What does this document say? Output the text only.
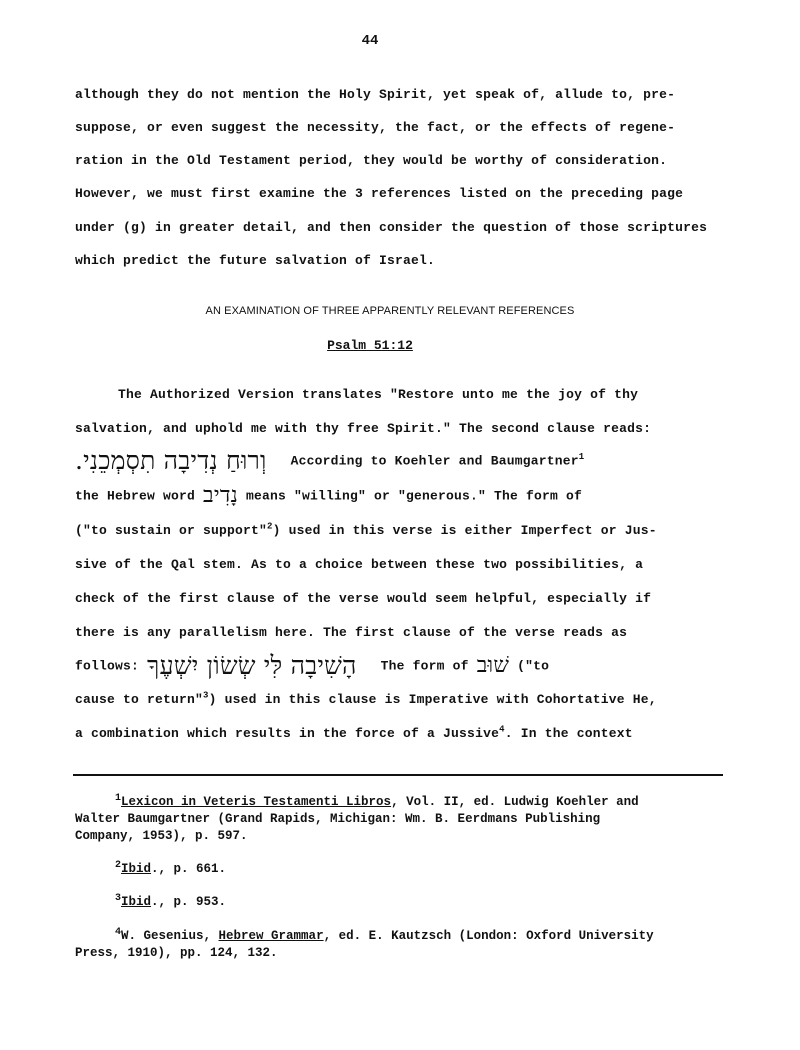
44
although they do not mention the Holy Spirit, yet speak of, allude to, pre-
suppose, or even suggest the necessity, the fact, or the effects of regene-
ration in the Old Testament period, they would be worthy of consideration.
However, we must first examine the 3 references listed on the preceding page
under (g) in greater detail, and then consider the question of those scriptures
which predict the future salvation of Israel.
AN EXAMINATION OF THREE APPARENTLY RELEVANT REFERENCES
Psalm 51:12
The Authorized Version translates "Restore unto me the joy of thy
salvation, and uphold me with thy free Spirit." The second clause reads:
וְרוּחַ נְדִיבָה תִסְמְכֵנִי. According to Koehler and Baumgartner$^1$
the Hebrew word נָדִיב means "willing" or "generous." The form of
("to sustain or support"$^2$) used in this verse is either Imperfect or Jus-
sive of the Qal stem. As to a choice between these two possibilities, a
check of the first clause of the verse would seem helpful, especially if
there is any parallelism here. The first clause of the verse reads as
follows: הָשִׁיבָה לִּי שְׂשׂוֹן יִשְׁעֶךָ The form of שׁוּב ("to
cause to return"$^3$) used in this clause is Imperative with Cohortative He,
a combination which results in the force of a Jussive$^4$. In the context
$^1$Lexicon in Veteris Testamenti Libros, Vol. II, ed. Ludwig Koehler and
Walter Baumgartner (Grand Rapids, Michigan: Wm. B. Eerdmans Publishing
Company, 1953), p. 597.
$^2$Ibid., p. 661.
$^3$Ibid., p. 953.
$^4$W. Gesenius, Hebrew Grammar, ed. E. Kautzsch (London: Oxford University
Press, 1910), pp. 124, 132.
